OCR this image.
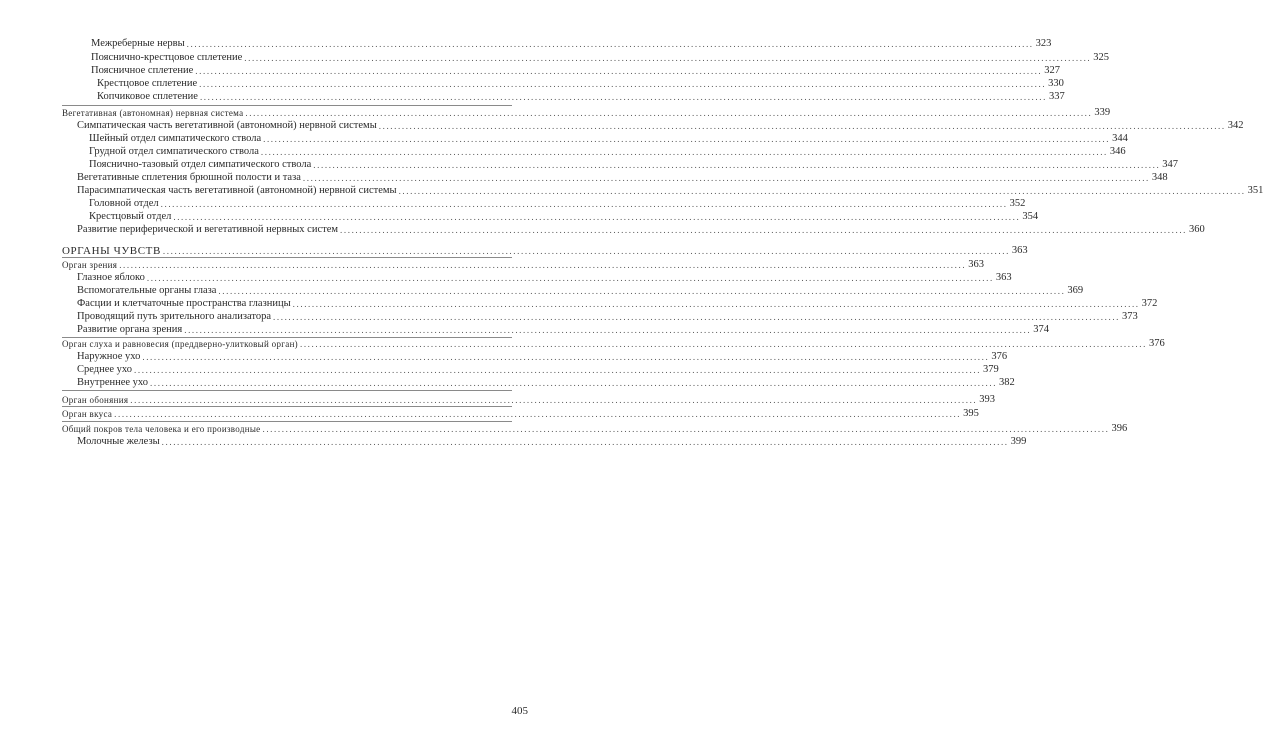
Межреберные нервы ............................................................................................................................................................................................................................ 323
Пояснично-крестцовое сплетение ............................................................................................................................................................................................................................ 325
Поясничное сплетение ............................................................................................................................................................................................................................ 327
Крестцовое сплетение ............................................................................................................................................................................................................................ 330
Копчиковое сплетение ............................................................................................................................................................................................................................ 337
Вегетативная (автономная) нервная система ............................................................................................................................................................................................................................ 339
Симпатическая часть вегетативной (автономной) нервной системы ............................................................................................................................................................................................................................ 342
Шейный отдел симпатического ствола ............................................................................................................................................................................................................................ 344
Грудной отдел симпатического ствола ............................................................................................................................................................................................................................ 346
Пояснично-тазовый отдел симпатического ствола ............................................................................................................................................................................................................................ 347
Вегетативные сплетения брюшной полости и таза ............................................................................................................................................................................................................................ 348
Парасимпатическая часть вегетативной (автономной) нервной системы ............................................................................................................................................................................................................................ 351
Головной отдел ............................................................................................................................................................................................................................ 352
Крестцовый отдел ............................................................................................................................................................................................................................ 354
Развитие периферической и вегетативной нервных систем ............................................................................................................................................................................................................................ 360
ОРГАНЫ ЧУВСТВ ............................................................................................................................................................................................................................ 363
Орган зрения ............................................................................................................................................................................................................................ 363
Глазное яблоко ............................................................................................................................................................................................................................ 363
Вспомогательные органы глаза ............................................................................................................................................................................................................................ 369
Фасции и клетчаточные пространства глазницы ............................................................................................................................................................................................................................ 372
Проводящий путь зрительного анализатора ............................................................................................................................................................................................................................ 373
Развитие органа зрения ............................................................................................................................................................................................................................ 374
Орган слуха и равновесия (преддверно-улитковый орган) ............................................................................................................................................................................................................................ 376
Наружное ухо ............................................................................................................................................................................................................................ 376
Среднее ухо ............................................................................................................................................................................................................................ 379
Внутреннее ухо ............................................................................................................................................................................................................................ 382
Орган обоняния ............................................................................................................................................................................................................................ 393
Орган вкуса ............................................................................................................................................................................................................................ 395
Общий покров тела человека и его производные ............................................................................................................................................................................................................................ 396
Молочные железы ............................................................................................................................................................................................................................ 399
405
